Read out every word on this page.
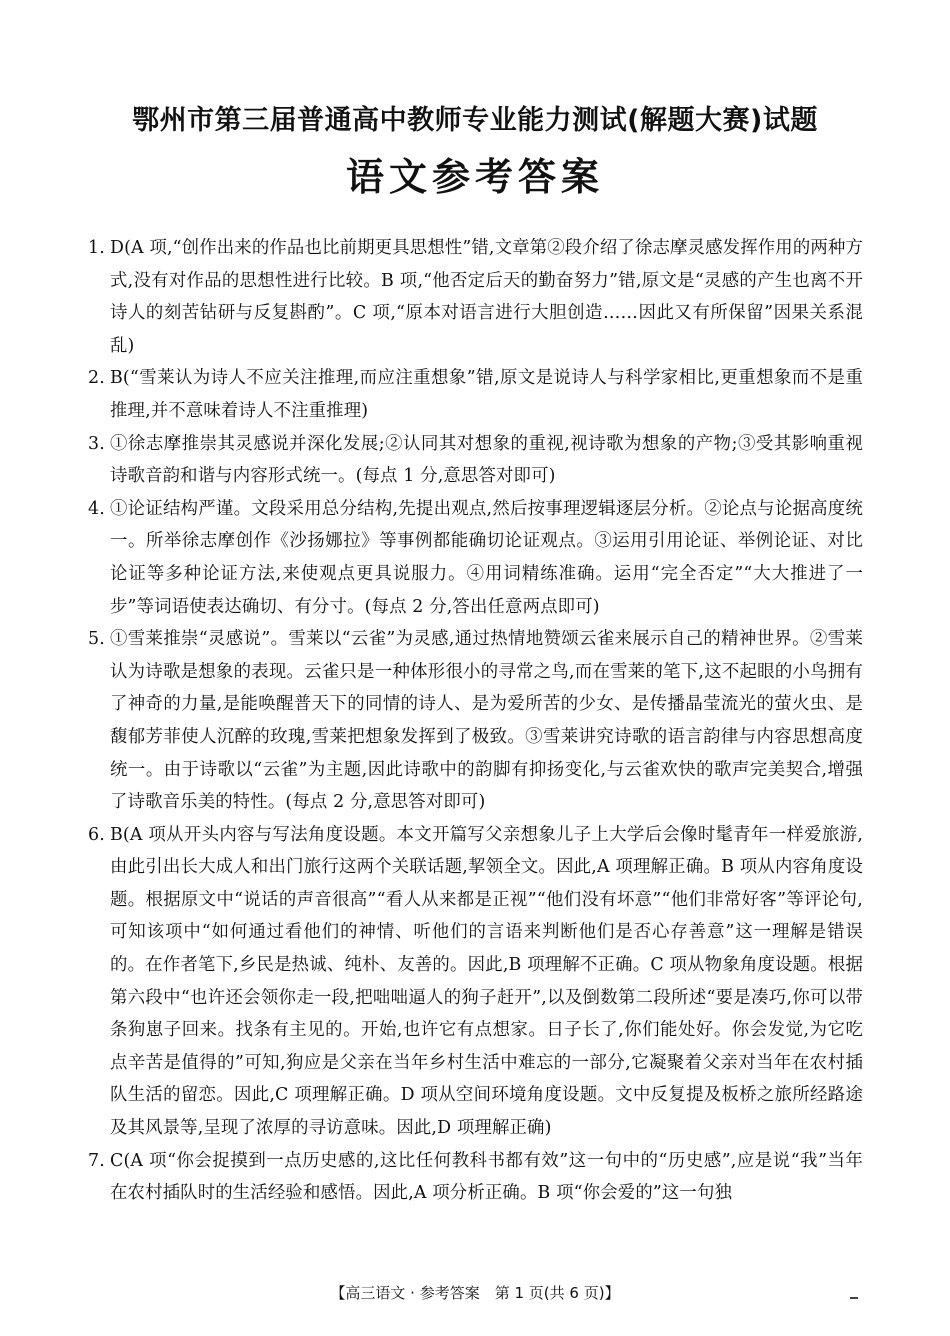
鄂州市第三届普通高中教师专业能力测试(解题大赛)试题
语文参考答案
1. D(A 项,“创作出来的作品也比前期更具思想性”错,文章第②段介绍了徐志摩灵感发挥作用的两种方式,没有对作品的思想性进行比较。B 项,“他否定后天的勤奋努力”错,原文是“灵感的产生也离不开诗人的刻苦钻研与反复斟酌”。C 项,“原本对语言进行大胆创造……因此又有所保留”因果关系混乱)
2. B(“雪莱认为诗人不应关注推理,而应注重想象”错,原文是说诗人与科学家相比,更重想象而不是重推理,并不意味着诗人不注重推理)
3. ①徐志摩推崇其灵感说并深化发展;②认同其对想象的重视,视诗歌为想象的产物;③受其影响重视诗歌音韵和谐与内容形式统一。(每点 1 分,意思答对即可)
4. ①论证结构严谨。文段采用总分结构,先提出观点,然后按事理逻辑逐层分析。②论点与论据高度统一。所举徐志摩创作《沙扬娜拉》等事例都能确切论证观点。③运用引用论证、举例论证、对比论证等多种论证方法,来使观点更具说服力。④用词精练准确。运用“完全否定”“大大推进了一步”等词语使表达确切、有分寸。(每点 2 分,答出任意两点即可)
5. ①雪莱推崇“灵感说”。雪莱以“云雀”为灵感,通过热情地赞颂云雀来展示自己的精神世界。②雪莱认为诗歌是想象的表现。云雀只是一种体形很小的寻常之鸟,而在雪莱的笔下,这不起眼的小鸟拥有了神奇的力量,是能唤醒普天下的同情的诗人、是为爱所苦的少女、是传播晶莹流光的萤火虫、是馥郁芳菲使人沉醉的玫瑰,雪莱把想象发挥到了极致。③雪莱讲究诗歌的语言韵律与内容思想高度统一。由于诗歌以“云雀”为主题,因此诗歌中的韵脚有抑扬变化,与云雀欢快的歌声完美契合,增强了诗歌音乐美的特性。(每点 2 分,意思答对即可)
6. B(A 项从开头内容与写法角度设题。本文开篇写父亲想象儿子上大学后会像时髦青年一样爱旅游,由此引出长大成人和出门旅行这两个关联话题,挈领全文。因此,A 项理解正确。B 项从内容角度设题。根据原文中“说话的声音很高”“看人从来都是正视”“他们没有坏意”“他们非常好客”等评论句,可知该项中“如何通过看他们的神情、听他们的言语来判断他们是否心存善意”这一理解是错误的。在作者笔下,乡民是热诚、纯朴、友善的。因此,B 项理解不正确。C 项从物象角度设题。根据第六段中“也许还会领你走一段,把咄咄逼人的狗子赶开”,以及倒数第二段所述“要是凑巧,你可以带条狗崽子回来。找条有主见的。开始,也许它有点想家。日子长了,你们能处好。你会发觉,为它吃点辛苦是值得的”可知,狗应是父亲在当年乡村生活中难忘的一部分,它凝聚着父亲对当年在农村插队生活的留恋。因此,C 项理解正确。D 项从空间环境角度设题。文中反复提及板桥之旅所经路途及其风景等,呈现了浓厚的寻访意味。因此,D 项理解正确)
7. C(A 项“你会捉摸到一点历史感的,这比任何教科书都有效”这一句中的“历史感”,应是说“我”当年在农村插队时的生活经验和感悟。因此,A 项分析正确。B 项“你会爱的”这一句独
【高三语文 · 参考答案　第 1 页(共 6 页)】
